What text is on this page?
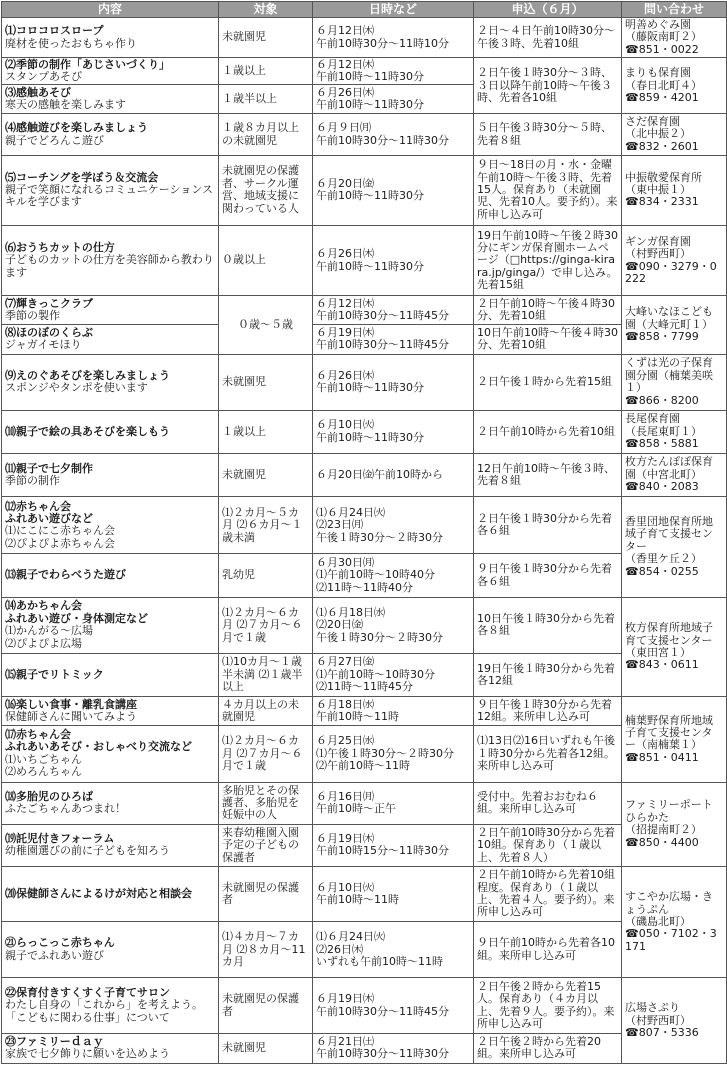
内容	対象	日時など	申込（６月）	問い合わせ

⑴コロコロスロープ
廃材を使ったおもちゃ作り	未就園児	６月12日㈭
午前10時30分～11時10分	２日～４日午前10時30分～午後３時、先着10組	明善めぐみ園
（藤阪南町２）
☎851・0022

⑵季節の制作「あじさいづくり」
スタンプあそび	１歳以上	６月12日㈭
午前10時～11時30分	２日午後１時30分～３時、３日以降午前10時～午後３時、先着各10組	まりも保育園
（春日北町４）
☎859・4201

⑶感触あそび
寒天の感触を楽しみます	１歳半以上	６月26日㈭
午前10時～11時30分		

⑷感触遊びを楽しみましょう
親子でどろんこ遊び	１歳８カ月以上の未就園児	６月９日㈪
午前10時30分～11時30分	５日午後３時30分～５時、先着８組	さだ保育園
（北中振２）
☎832・2601

⑸コーチングを学ぼう＆交流会
親子で笑顔になれるコミュニケーションスキルを学びます	未就園児の保護者、サークル運営、地域支援に関わっている人	６月20日㈮
午前10時～11時30分	９日～18日の月・水・金曜午前10時～午後３時、先着15人。保育あり（未就園児、先着10人。要予約）。来所申し込み可	中振敬愛保育所
（東中振１）
☎834・2331

⑹おうちカットの仕方
子どものカットの仕方を美容師から教わります	０歳以上	６月26日㈭
午前10時～11時30分	19日午前10時～午後２時30分にギンガ保育園ホームページ（□https://ginga-kirara.jp/ginga/）で申し込み。先着15組	ギンガ保育園
（村野西町）
☎090・3279・0222

⑺輝きっこクラブ
季節の製作	０歳～５歳	６月12日㈭
午前10時30分～11時45分	２日午前10時～午後４時30分、先着10組	大峰いなほこども園（大峰元町１）
☎858・7799

⑻ほのぼのくらぶ
ジャガイモほり		６月19日㈭
午前10時30分～11時45分	10日午前10時～午後４時30分、先着10組	

⑼えのぐあそびを楽しみましょう
スポンジやタンポを使います	未就園児	６月26日㈭
午前10時～11時30分	２日午後１時から先着15組	くずは光の子保育園分園（楠葉美咲１）
☎866・8200

⑽親子で絵の具あそびを楽しもう	１歳以上	６月10日㈫
午前10時～11時30分	２日午前10時から先着10組	長尾保育園
（長尾東町１）
☎858・5881

⑾親子で七夕制作
季節の制作	未就園児	６月20日㈮午前10時から	12日午前10時～午後３時、先着８組	枚方たんぽぽ保育園（中宮北町）
☎840・2083

⑿赤ちゃん会
ふれあい遊びなど
⑴にこにこ赤ちゃん会
⑵ぴよぴよ赤ちゃん会	⑴２カ月～５カ月 ⑵６カ月～１歳未満	⑴６月24日㈫
⑵23日㈪
午後１時30分～２時30分	２日午後１時30分から先着各６組	香里団地保育所地域子育て支援センター
（香里ケ丘２）
☎854・0255

⒀親子でわらべうた遊び	乳幼児	６月30日㈪
⑴午前10時～10時40分
⑵11時～11時40分	９日午後１時30分から先着各６組	

⒁あかちゃん会
ふれあい遊び・身体測定など
⑴かんがる～広場
⑵ぴよぴよ広場	⑴２カ月～６カ月 ⑵７カ月～６月で１歳	⑴６月18日㈬
⑵20日㈮
午後１時30分～２時30分	10日午後１時30分から先着各８組	枚方保育所地域子育て支援センター
（東田宮１）
☎843・0611

⒂親子でリトミック	⑴10カ月～１歳半未満 ⑵１歳半以上	６月27日㈮
⑴午前10時～10時30分
⑵11時～11時45分	19日午後１時30分から先着各12組	

⒃楽しい食事・離乳食講座
保健師さんに聞いてみよう	４カ月以上の未就園児	６月18日㈬
午前10時～11時	９日午後１時30分から先着12組。来所申し込み可	楠葉野保育所地域子育て支援センター（南楠葉１）
☎851・0411

⒄赤ちゃん会
ふれあいあそび・おしゃべり交流など
⑴いちごちゃん
⑵めろんちゃん	⑴２カ月～６カ月 ⑵７カ月～６月で１歳	６月25日㈬
⑴午後１時30分～２時30分
⑵午前10時～11時	⑴13日⑵16日いずれも午後１時30分から先着各12組。来所申し込み可	

⒅多胎児のひろば
ふたごちゃんあつまれ！	多胎児とその保護者、多胎児を妊娠中の人	６月16日㈪
午前10時～正午	受付中。先着おおむね６組。来所申し込み可	ファミリーポートひらかた
（招提南町２）
☎850・4400

⒆託児付きフォーラム
幼稚園選びの前に子どもを知ろう	来春幼稚園入園予定の子どもの保護者	６月19日㈭
午前10時15分～11時30分	２日午前10時30分から先着10組。保育あり（１歳以上、先着８人）	

⒇保健師さんによるけが対応と相談会	未就園児の保護者	６月10日㈫
午前10時～11時	２日午前10時から先着10組程度。保育あり（１歳以上、先着４人。要予約）。来所申し込み可	すこやか広場・きょうぷん
（磯島北町）
☎050・7102・3171

㉑らっこっこ赤ちゃん
親子でふれあい遊び	⑴４カ月～７カ月 ⑵８カ月～11カ月	⑴６月24日㈫
⑵26日㈭
いずれも午前10時～11時	９日午前10時から先着各10組。来所申し込み可	

㉒保育付きすくすく子育てサロン
わたし自身の「これから」を考えよう。「こどもに関わる仕事」について	未就園児の保護者	６月19日㈭
午前10時30分～11時45分	２日午後２時から先着15人。保育あり（４カ月以上、先着９人。要予約）。来所申し込み可	広場さぷり
（村野西町）
☎807・5336

㉓ファミリーｄａｙ
家族で七夕飾りに願いを込めよう	未就園児	６月21日㈯
午前10時30分～11時30分	２日午後２時から先着20組。来所申し込み可	
